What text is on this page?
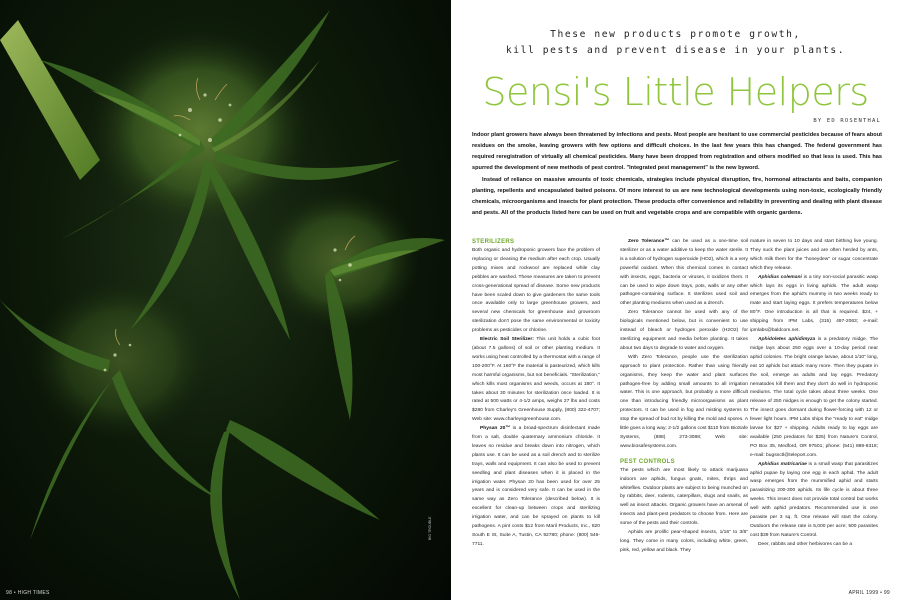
98 • HIGH TIMES
BIG TROUBLE
These new products promote growth,
kill pests and prevent disease in your plants.
Sensi's Little Helpers
BY ED ROSENTHAL

Indoor plant growers have always been threatened by infections and pests. Most people are hesitant to use commercial pesticides because of fears about residues on the smoke, leaving growers with few options and difficult choices. In the last few years this has changed. The federal government has required reregistration of virtually all chemical pesticides. Many have been dropped from registration and others modified so that less is used. This has spurred the development of new methods of pest control. "Integrated pest management" is the new byword.

Instead of reliance on massive amounts of toxic chemicals, strategies include physical disruption, fire, hormonal attractants and baits, companion planting, repellents and encapsulated baited poisons. Of more interest to us are new technological developments using non-toxic, ecologically friendly chemicals, microorganisms and insects for plant protection. These products offer convenience and reliability in preventing and dealing with plant disease and pests. All of the products listed here can be used on fruit and vegetable crops and are compatible with organic gardens.

STERILIZERS

Both organic and hydroponic growers face the problem of replacing or cleaning the medium after each crop. Usually potting mixes and rockwool are replaced while clay pebbles are washed. These measures are taken to prevent cross-generational spread of disease. Some new products have been scaled down to give gardeners the same tools once available only to large greenhouse growers, and several new chemicals for greenhouse and growroom sterilization don't pose the same environmental or toxicity problems as pesticides or chlorine.

Electric Soil Sterilizer: This unit holds a cubic foot (about 7.5 gallons) of soil or other planting medium. It works using heat controlled by a thermostat with a range of 100-200°F. At 160°F the material is pasteurized, which kills most harmful organisms, but not beneficials. "Sterilization," which kills most organisms and weeds, occurs at 180°. It takes about 30 minutes for sterilization once loaded. It is rated at 500 watts or 4-1/2 amps, weighs 27 lbs and costs $280 from Charley's Greenhouse Supply, (800) 322-4707; Web site: www.charleysgreenhouse.com.

Physan 20™ is a broad-spectrum disinfectant made from a salt, double quaternary ammonium chloride. It leaves no residue and breaks down into nitrogen, which plants use. It can be used as a soil drench and to sterilize trays, walls and equipment. It can also be used to prevent seedling and plant diseases when it is placed in the irrigation water. Physan 20 has been used for over 25 years and is considered very safe. It can be used in the same way as Zero Tolerance (described below). It is excellent for clean-up between crops and sterilizing irrigation water, and can be sprayed on plants to kill pathogens. A pint costs $12 from Maril Products, Inc., 820 South E St, Suite A, Tustin, CA 92780; phone: (800) 546-7711.

Zero Tolerance™ can be used as a one-time soil sterilizer or as a water additive to keep the water sterile. It is a solution of hydrogen superoxide (HO2), which is a very powerful oxidant. When this chemical comes in contact with insects, eggs, bacteria or viruses, it oxidizes them. It can be used to wipe down trays, pots, walls or any other pathogen-containing surface. It sterilizes used soil and other planting mediums when used as a drench.

Zero Tolerance cannot be used with any of the biologicals mentioned below, but is convenient to use instead of bleach or hydrogen peroxide (H2O2) for sterilizing equipment and media before planting. It takes about two days to degrade to water and oxygen.

With Zero Tolerance, people use the sterilization approach to plant protection. Rather than using friendly organisms, they keep the water and plant surfaces pathogen-free by adding small amounts to all irrigation water. This is one approach, but probably a more difficult one than introducing friendly microorganisms as plant protectors. It can be used in fog and misting systems to stop the spread of bud rot by killing the mold and spores. A little goes a long way; 2-1/2 gallons cost $110 from BioSafe Systems, (888) 273-3088; Web site: www.biosafesystems.com.

PEST CONTROLS

The pests which are most likely to attack marijuana indoors are aphids, fungus gnats, mites, thrips and whiteflies. Outdoor plants are subject to being munched on by rabbits, deer, rodents, caterpillars, slugs and snails, as well as insect attacks. Organic growers have an arsenal of insects and plant-pest predators to choose from. Here are some of the pests and their controls.

Aphids are prolific pear-shaped insects, 1/16" to 3/8" long. They come in many colors, including white, green, pink, red, yellow and black. They

mature in seven to 10 days and start birthing live young. They suck the plant juices and are often herded by ants, which milk them for the "honeydew" or sugar concentrate which they release.

Aphidius colemani is a tiny non-social parasitic wasp which lays its eggs in living aphids. The adult wasp emerges from the aphid's mummy in two weeks ready to mate and start laying eggs. It prefers temperatures below 80°F. One introduction is all that is required. $24, + shipping from IPM Labs, (315) 497-2063; e-mail: ipmlabs@baldcom.net.

Aphidoletes aphidimyza is a predatory midge. The midge lays about 250 eggs over a 10-day period near aphid colonies. The bright orange larvae, about 1/10" long, eat 10 aphids but attack many more. Then they pupate in the soil, emerge as adults and lay eggs. Predatory nematodes kill them and they don't do well in hydroponic mediums. The total cycle takes about three weeks. One release of 250 midges is enough to get the colony started. The insect goes dormant during flower-forcing with 12 or fewer light hours. IPM Labs ships the "ready to eat" midge larvae for $27 + shipping. Adults ready to lay eggs are available (250 predators for $25) from Nature's Control, PO Box 35, Medford, OR 97501; phone: (541) 899-8318; e-mail: bugsnctl@teleport.com.

Aphidius matricariae is a small wasp that parasitizes aphid pupae by laying one egg in each aphid. The adult wasp emerges from the mummified aphid and starts parasitizing 200-300 aphids. Its life cycle is about three weeks. This insect does not provide total control but works well with aphid predators. Recommended use is one parasite per 3 sq. ft. One release will start the colony. Outdoors the release rate is 5,000 per acre; 500 parasites cost $39 from Nature's Control.

Deer, rabbits and other herbivores can be a

APRIL 1999 • 99
